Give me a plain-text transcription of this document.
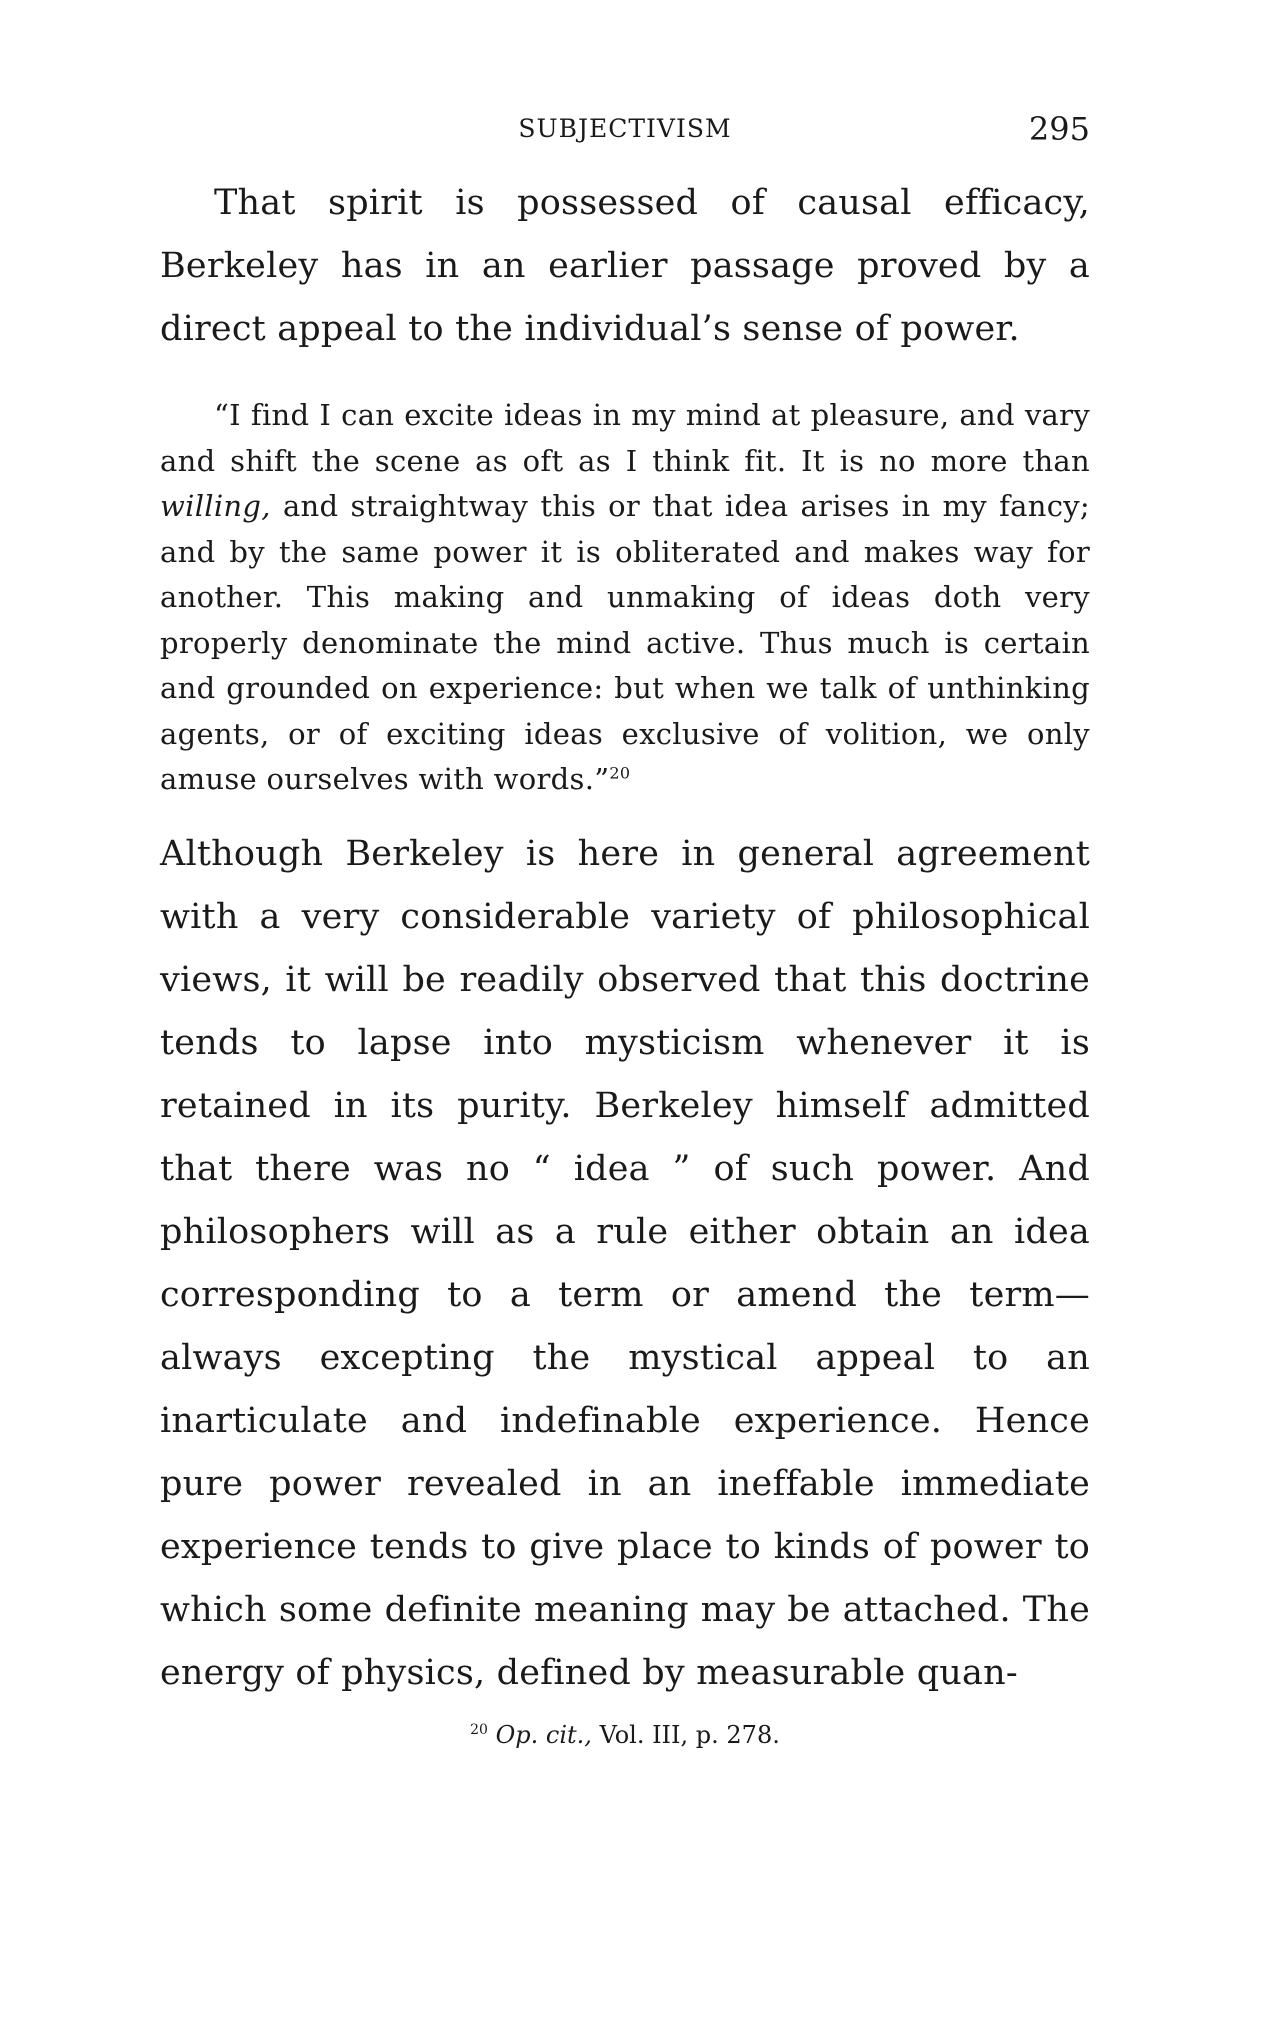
SUBJECTIVISM	295

That spirit is possessed of causal efficacy, Berkeley has in an earlier passage proved by a direct appeal to the individual’s sense of power.

“I find I can excite ideas in my mind at pleasure, and vary and shift the scene as oft as I think fit. It is no more than willing, and straightway this or that idea arises in my fancy; and by the same power it is obliterated and makes way for another. This making and unmaking of ideas doth very properly denominate the mind active. Thus much is certain and grounded on experience: but when we talk of unthinking agents, or of exciting ideas exclusive of volition, we only amuse ourselves with words.”$^{20}$

Although Berkeley is here in general agreement with a very considerable variety of philosophical views, it will be readily observed that this doctrine tends to lapse into mysticism whenever it is retained in its purity. Berkeley himself admitted that there was no “ idea ” of such power. And philosophers will as a rule either obtain an idea corresponding to a term or amend the term—always excepting the mystical appeal to an inarticulate and indefinable experience. Hence pure power revealed in an ineffable immediate experience tends to give place to kinds of power to which some definite meaning may be attached. The energy of physics, defined by measurable quan-

$^{20}$ Op. cit., Vol. III, p. 278.
